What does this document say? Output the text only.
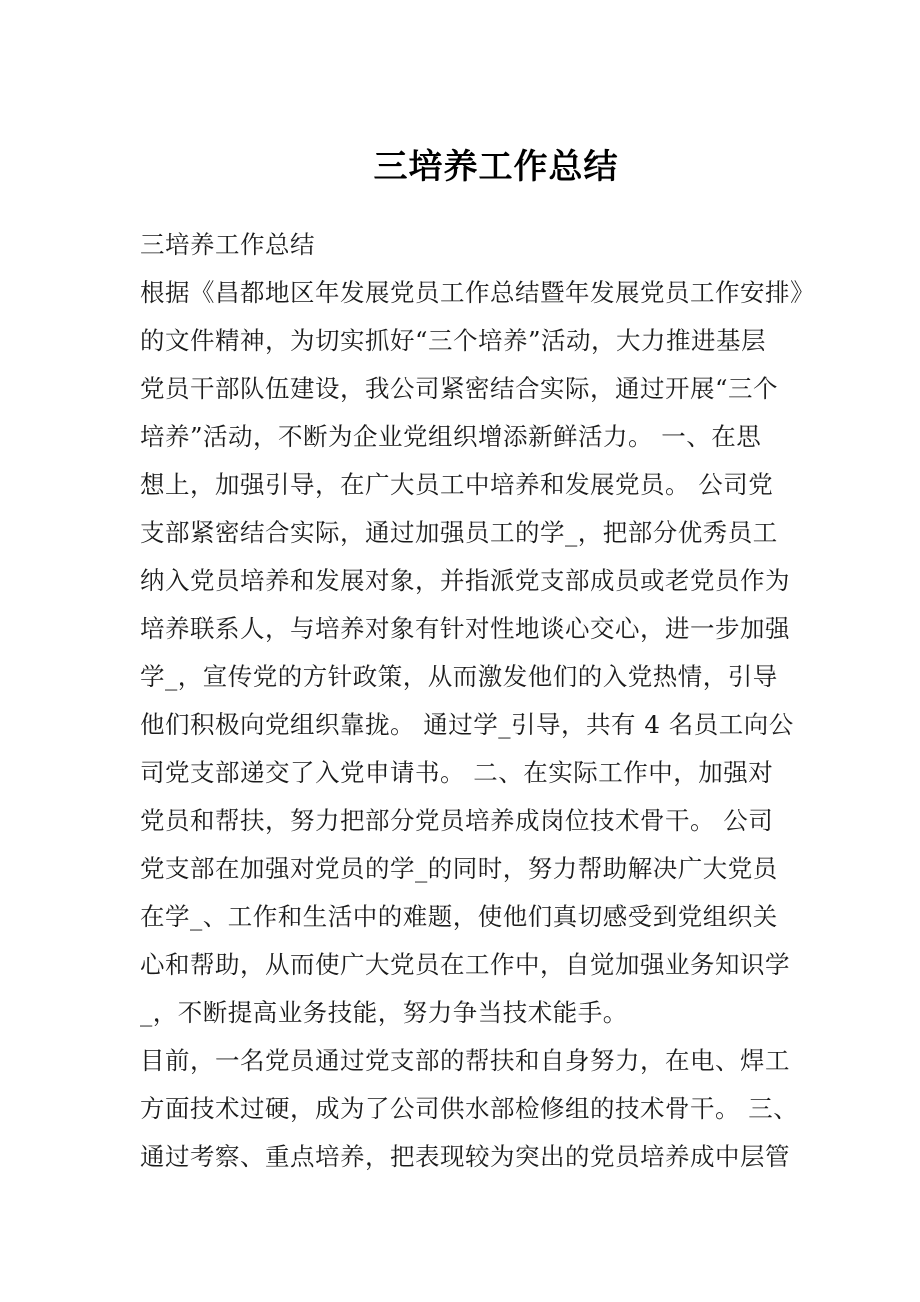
三培养工作总结
三培养工作总结
根据《昌都地区年发展党员工作总结暨年发展党员工作安排》
的文件精神，为切实抓好“三个培养”活动，大力推进基层
党员干部队伍建设，我公司紧密结合实际，通过开展“三个
培养”活动，不断为企业党组织增添新鲜活力。 一、在思
想上，加强引导，在广大员工中培养和发展党员。 公司党
支部紧密结合实际，通过加强员工的学_，把部分优秀员工
纳入党员培养和发展对象，并指派党支部成员或老党员作为
培养联系人，与培养对象有针对性地谈心交心，进一步加强
学_，宣传党的方针政策，从而激发他们的入党热情，引导
他们积极向党组织靠拢。 通过学_引导，共有 4 名员工向公
司党支部递交了入党申请书。 二、在实际工作中，加强对
党员和帮扶，努力把部分党员培养成岗位技术骨干。 公司
党支部在加强对党员的学_的同时，努力帮助解决广大党员
在学_、工作和生活中的难题，使他们真切感受到党组织关
心和帮助，从而使广大党员在工作中，自觉加强业务知识学
_，不断提高业务技能，努力争当技术能手。
目前，一名党员通过党支部的帮扶和自身努力，在电、焊工
方面技术过硬，成为了公司供水部检修组的技术骨干。 三、
通过考察、重点培养，把表现较为突出的党员培养成中层管
